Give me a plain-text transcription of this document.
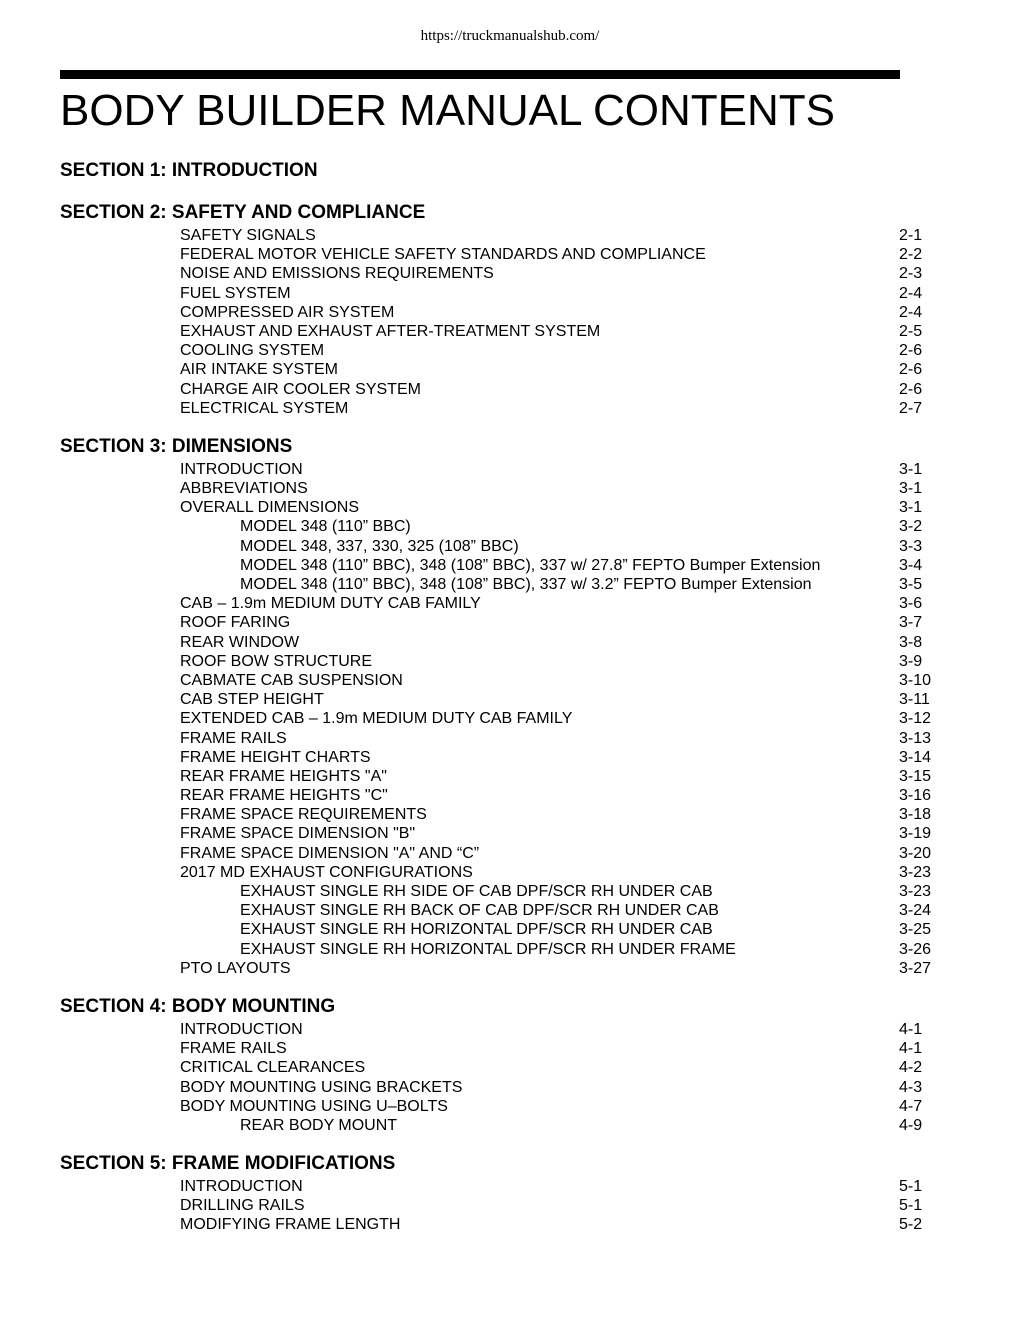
https://truckmanualshub.com/
BODY BUILDER MANUAL CONTENTS
SECTION 1: INTRODUCTION
SECTION 2: SAFETY AND COMPLIANCE
SAFETY SIGNALS	2-1
FEDERAL MOTOR VEHICLE SAFETY STANDARDS AND COMPLIANCE	2-2
NOISE AND EMISSIONS REQUIREMENTS	2-3
FUEL SYSTEM	2-4
COMPRESSED AIR SYSTEM	2-4
EXHAUST AND EXHAUST AFTER-TREATMENT SYSTEM	2-5
COOLING SYSTEM	2-6
AIR INTAKE SYSTEM	2-6
CHARGE AIR COOLER SYSTEM	2-6
ELECTRICAL SYSTEM	2-7
SECTION 3: DIMENSIONS
INTRODUCTION	3-1
ABBREVIATIONS	3-1
OVERALL DIMENSIONS	3-1
MODEL 348 (110” BBC)	3-2
MODEL 348, 337, 330, 325 (108” BBC)	3-3
MODEL 348 (110” BBC), 348 (108” BBC), 337 w/ 27.8” FEPTO Bumper Extension	3-4
MODEL 348 (110” BBC), 348 (108” BBC), 337 w/ 3.2” FEPTO Bumper Extension	3-5
CAB – 1.9m MEDIUM DUTY CAB FAMILY	3-6
ROOF FARING	3-7
REAR WINDOW	3-8
ROOF BOW STRUCTURE	3-9
CABMATE CAB SUSPENSION	3-10
CAB STEP HEIGHT	3-11
EXTENDED CAB – 1.9m MEDIUM DUTY CAB FAMILY	3-12
FRAME RAILS	3-13
FRAME HEIGHT CHARTS	3-14
REAR FRAME HEIGHTS "A"	3-15
REAR FRAME HEIGHTS "C"	3-16
FRAME SPACE REQUIREMENTS	3-18
FRAME SPACE DIMENSION "B"	3-19
FRAME SPACE DIMENSION "A" AND “C”	3-20
2017 MD EXHAUST CONFIGURATIONS	3-23
EXHAUST SINGLE RH SIDE OF CAB DPF/SCR RH UNDER CAB	3-23
EXHAUST SINGLE RH BACK OF CAB DPF/SCR RH UNDER CAB	3-24
EXHAUST SINGLE RH HORIZONTAL DPF/SCR RH UNDER CAB	3-25
EXHAUST SINGLE RH HORIZONTAL DPF/SCR RH UNDER FRAME	3-26
PTO LAYOUTS	3-27
SECTION 4: BODY MOUNTING
INTRODUCTION	4-1
FRAME RAILS	4-1
CRITICAL CLEARANCES	4-2
BODY MOUNTING USING BRACKETS	4-3
BODY MOUNTING USING U–BOLTS	4-7
REAR BODY MOUNT	4-9
SECTION 5: FRAME MODIFICATIONS
INTRODUCTION	5-1
DRILLING RAILS	5-1
MODIFYING FRAME LENGTH	5-2
